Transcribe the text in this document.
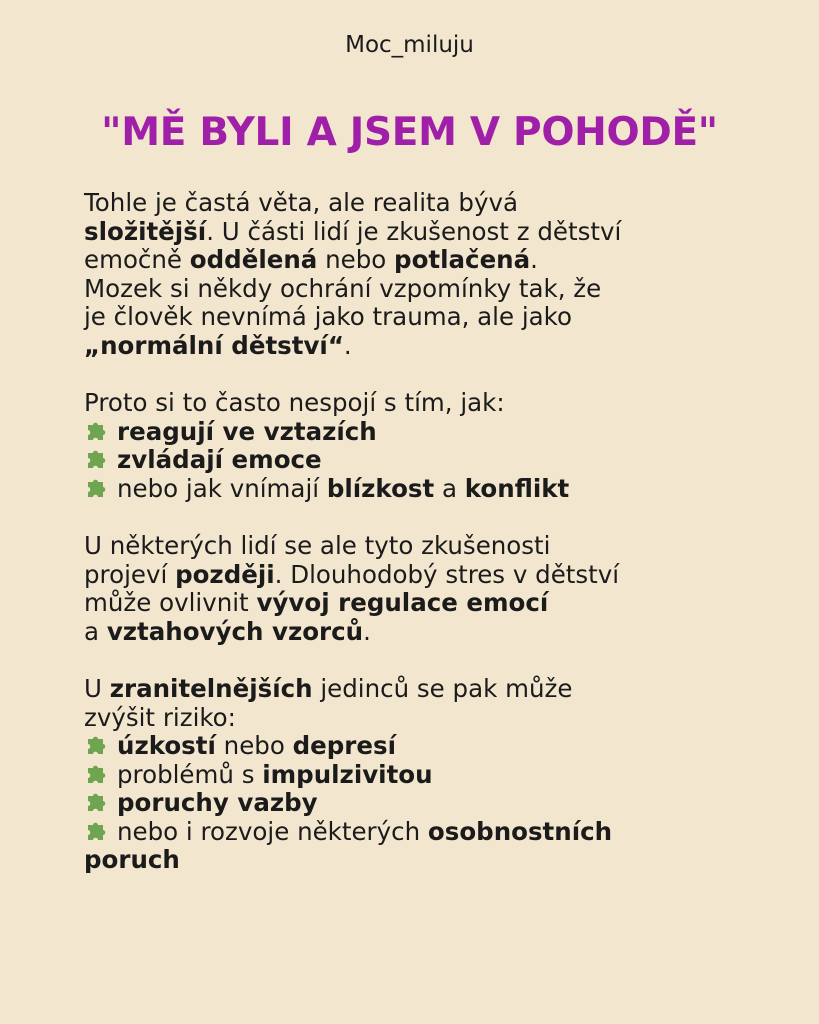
Moc_miluju
"MĚ BYLI A JSEM V POHODĚ"

Tohle je častá věta, ale realita bývá
složitější. U části lidí je zkušenost z dětství
emočně oddělená nebo potlačená.
Mozek si někdy ochrání vzpomínky tak, že
je člověk nevnímá jako trauma, ale jako
„normální dětství“.

Proto si to často nespojí s tím, jak:

reagují ve vztazích
zvládají emoce
nebo jak vnímají blízkost a konflikt

U některých lidí se ale tyto zkušenosti
projeví později. Dlouhodobý stres v dětství
může ovlivnit vývoj regulace emocí
a vztahových vzorců.

U zranitelnějších jedinců se pak může
zvýšit riziko:

úzkostí nebo depresí
problémů s impulzivitou
poruchy vazby
nebo i rozvoje některých osobnostních
poruch
